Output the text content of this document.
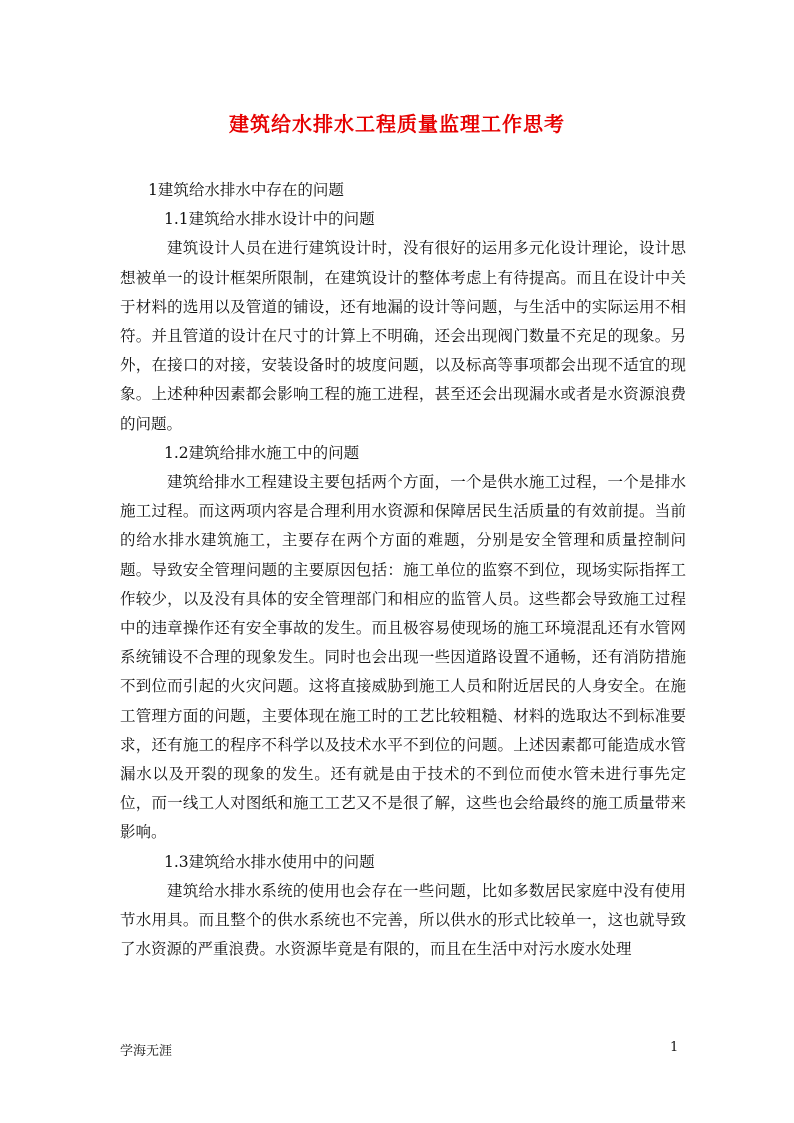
建筑给水排水工程质量监理工作思考

1建筑给水排水中存在的问题

1.1建筑给水排水设计中的问题

建筑设计人员在进行建筑设计时，没有很好的运用多元化设计理论，设计思想被单一的设计框架所限制，在建筑设计的整体考虑上有待提高。而且在设计中关于材料的选用以及管道的铺设，还有地漏的设计等问题，与生活中的实际运用不相符。并且管道的设计在尺寸的计算上不明确，还会出现阀门数量不充足的现象。另外，在接口的对接，安装设备时的坡度问题，以及标高等事项都会出现不适宜的现象。上述种种因素都会影响工程的施工进程，甚至还会出现漏水或者是水资源浪费的问题。

1.2建筑给排水施工中的问题

建筑给排水工程建设主要包括两个方面，一个是供水施工过程，一个是排水施工过程。而这两项内容是合理利用水资源和保障居民生活质量的有效前提。当前的给水排水建筑施工，主要存在两个方面的难题，分别是安全管理和质量控制问题。导致安全管理问题的主要原因包括：施工单位的监察不到位，现场实际指挥工作较少，以及没有具体的安全管理部门和相应的监管人员。这些都会导致施工过程中的违章操作还有安全事故的发生。而且极容易使现场的施工环境混乱还有水管网系统铺设不合理的现象发生。同时也会出现一些因道路设置不通畅，还有消防措施不到位而引起的火灾问题。这将直接威胁到施工人员和附近居民的人身安全。在施工管理方面的问题，主要体现在施工时的工艺比较粗糙、材料的选取达不到标准要求，还有施工的程序不科学以及技术水平不到位的问题。上述因素都可能造成水管漏水以及开裂的现象的发生。还有就是由于技术的不到位而使水管未进行事先定位，而一线工人对图纸和施工工艺又不是很了解，这些也会给最终的施工质量带来影响。

1.3建筑给水排水使用中的问题

建筑给水排水系统的使用也会存在一些问题，比如多数居民家庭中没有使用节水用具。而且整个的供水系统也不完善，所以供水的形式比较单一，这也就导致了水资源的严重浪费。水资源毕竟是有限的，而且在生活中对污水废水处理

学海无涯	1
